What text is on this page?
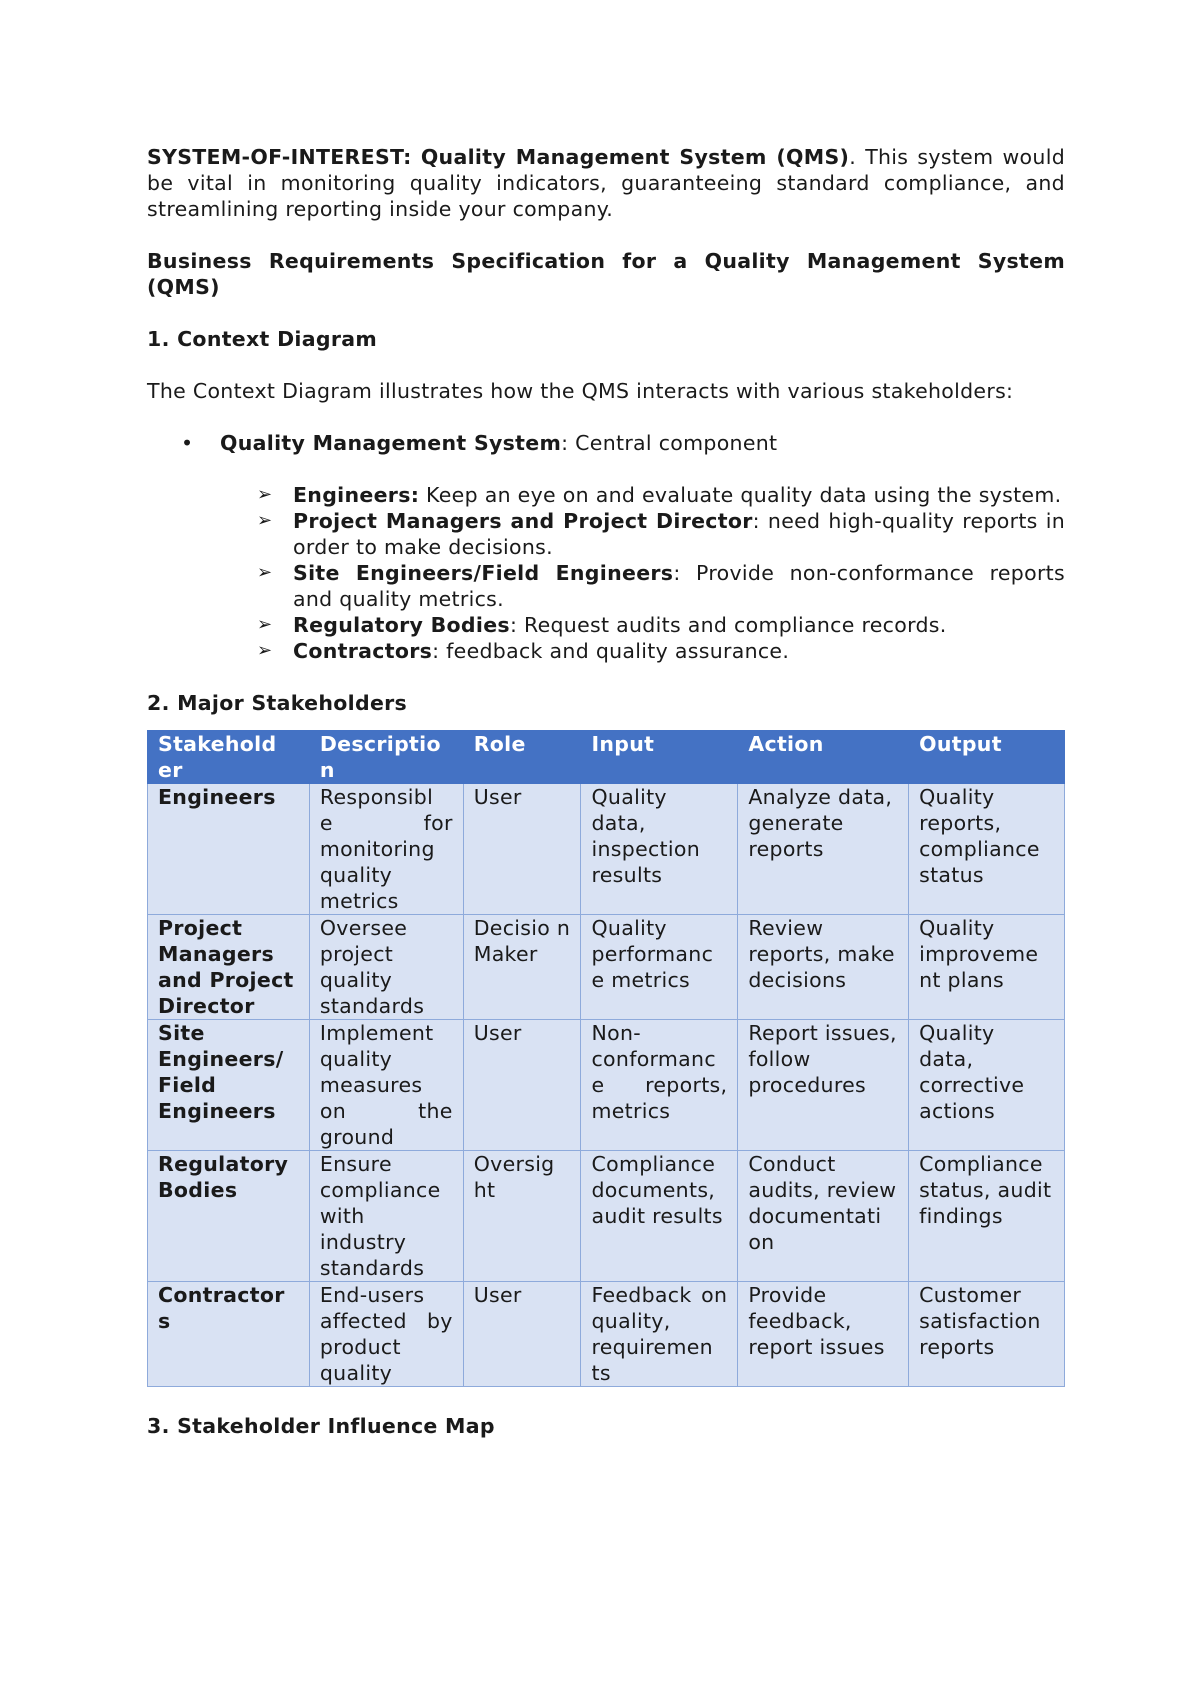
SYSTEM-OF-INTEREST: Quality Management System (QMS). This system would be vital in monitoring quality indicators, guaranteeing standard compliance, and streamlining reporting inside your company.

Business Requirements Specification for a Quality Management System (QMS)

1. Context Diagram

The Context Diagram illustrates how the QMS interacts with various stakeholders:

• Quality Management System: Central component
➢ Engineers: Keep an eye on and evaluate quality data using the system.
➢ Project Managers and Project Director: need high-quality reports in order to make decisions.
➢ Site Engineers/Field Engineers: Provide non-conformance reports and quality metrics.
➢ Regulatory Bodies: Request audits and compliance records.
➢ Contractors: feedback and quality assurance.

2. Major Stakeholders

Stakehold er	Descriptio n	Role	Input	Action	Output
Engineers	Responsibl e for monitoring quality metrics	User	Quality data, inspection results	Analyze data, generate reports	Quality reports, compliance status
Project Managers and Project Director	Oversee project quality standards	Decisio n Maker	Quality performanc e metrics	Review reports, make decisions	Quality improveme nt plans
Site Engineers/ Field Engineers	Implement quality measures on the ground	User	Non-conformanc e reports, metrics	Report issues, follow procedures	Quality data, corrective actions
Regulatory Bodies	Ensure compliance with industry standards	Oversig ht	Compliance documents, audit results	Conduct audits, review documentati on	Compliance status, audit findings
Contractor s	End-users affected by product quality	User	Feedback on quality, requiremen ts	Provide feedback, report issues	Customer satisfaction reports

3. Stakeholder Influence Map
